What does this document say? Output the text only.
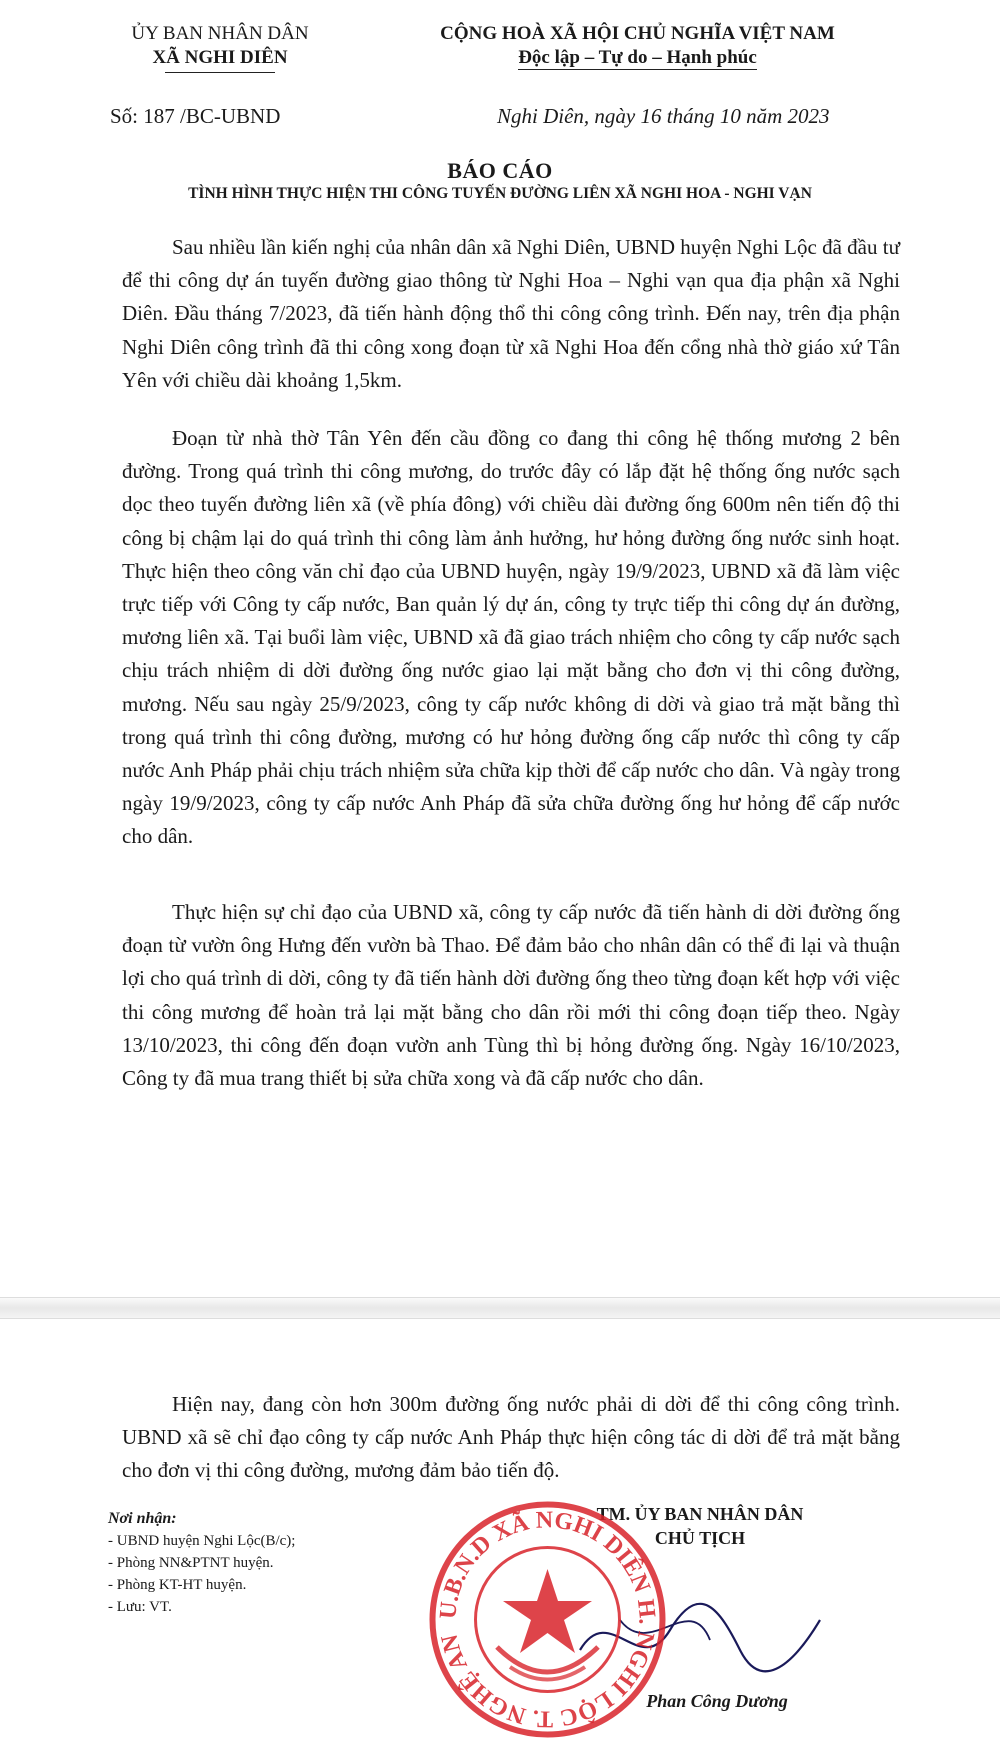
ỦY BAN NHÂN DÂN
XÃ NGHI DIÊN
CỘNG HOÀ XÃ HỘI CHỦ NGHĨA VIỆT NAM
Độc lập – Tự do – Hạnh phúc
Số: 187 /BC-UBND	Nghi Diên, ngày 16 tháng 10 năm 2023
BÁO CÁO
TÌNH HÌNH THỰC HIỆN THI CÔNG TUYẾN ĐƯỜNG LIÊN XÃ NGHI HOA - NGHI VẠN

Sau nhiều lần kiến nghị của nhân dân xã Nghi Diên, UBND huyện Nghi Lộc đã đầu tư để thi công dự án tuyến đường giao thông từ Nghi Hoa – Nghi vạn qua địa phận xã Nghi Diên. Đầu tháng 7/2023, đã tiến hành động thổ thi công công trình. Đến nay, trên địa phận Nghi Diên công trình đã thi công xong đoạn từ xã Nghi Hoa đến cổng nhà thờ giáo xứ Tân Yên với chiều dài khoảng 1,5km.

Đoạn từ nhà thờ Tân Yên đến cầu đồng co đang thi công hệ thống mương 2 bên đường. Trong quá trình thi công mương, do trước đây có lắp đặt hệ thống ống nước sạch dọc theo tuyến đường liên xã (về phía đông) với chiều dài đường ống 600m nên tiến độ thi công bị chậm lại do quá trình thi công làm ảnh hưởng, hư hỏng đường ống nước sinh hoạt. Thực hiện theo công văn chỉ đạo của UBND huyện, ngày 19/9/2023, UBND xã đã làm việc trực tiếp với Công ty cấp nước, Ban quản lý dự án, công ty trực tiếp thi công dự án đường, mương liên xã. Tại buổi làm việc, UBND xã đã giao trách nhiệm cho công ty cấp nước sạch chịu trách nhiệm di dời đường ống nước giao lại mặt bằng cho đơn vị thi công đường, mương. Nếu sau ngày 25/9/2023, công ty cấp nước không di dời và giao trả mặt bằng thì trong quá trình thi công đường, mương có hư hỏng đường ống cấp nước thì công ty cấp nước Anh Pháp phải chịu trách nhiệm sửa chữa kịp thời để cấp nước cho dân. Và ngày trong ngày 19/9/2023, công ty cấp nước Anh Pháp đã sửa chữa đường ống hư hỏng để cấp nước cho dân.

Thực hiện sự chỉ đạo của UBND xã, công ty cấp nước đã tiến hành di dời đường ống đoạn từ vườn ông Hưng đến vườn bà Thao. Để đảm bảo cho nhân dân có thể đi lại và thuận lợi cho quá trình di dời, công ty đã tiến hành dời đường ống theo từng đoạn kết hợp với việc thi công mương để hoàn trả lại mặt bằng cho dân rồi mới thi công đoạn tiếp theo. Ngày 13/10/2023, thi công đến đoạn vườn anh Tùng thì bị hỏng đường ống. Ngày 16/10/2023, Công ty đã mua trang thiết bị sửa chữa xong và đã cấp nước cho dân.

Hiện nay, đang còn hơn 300m đường ống nước phải di dời để thi công công trình. UBND xã sẽ chỉ đạo công ty cấp nước Anh Pháp thực hiện công tác di dời để trả mặt bằng cho đơn vị thi công đường, mương đảm bảo tiến độ.

Nơi nhận:
- UBND huyện Nghi Lộc(B/c);
- Phòng NN&PTNT huyện.
- Phòng KT-HT huyện.
- Lưu: VT.
TM. ỦY BAN NHÂN DÂN
CHỦ TỊCH
U.B.N.D XÃ NGHI DIÊN H. NGHI LỘC T. NGHỆ AN
Phan Công Dương
